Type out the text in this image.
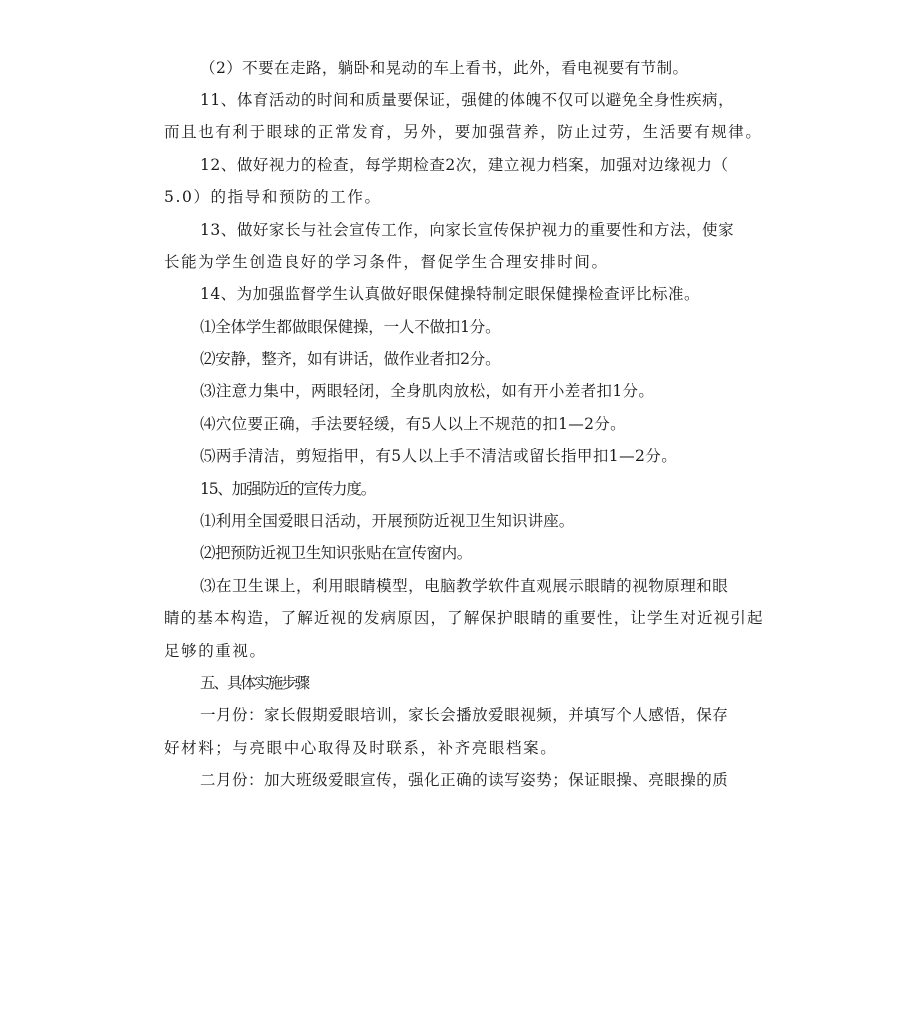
（2）不要在走路，躺卧和晃动的车上看书，此外，看电视要有节制。
11、体育活动的时间和质量要保证，强健的体魄不仅可以避免全身性疾病，
而且也有利于眼球的正常发育，另外，要加强营养，防止过劳，生活要有规律。
12、做好视力的检查，每学期检查2次，建立视力档案，加强对边缘视力（
5.0）的指导和预防的工作。
13、做好家长与社会宣传工作，向家长宣传保护视力的重要性和方法，使家
长能为学生创造良好的学习条件，督促学生合理安排时间。
14、为加强监督学生认真做好眼保健操特制定眼保健操检查评比标准。
⑴全体学生都做眼保健操，一人不做扣1分。
⑵安静，整齐，如有讲话，做作业者扣2分。
⑶注意力集中，两眼轻闭，全身肌肉放松，如有开小差者扣1分。
⑷穴位要正确，手法要轻缓，有5人以上不规范的扣1—2分。
⑸两手清洁，剪短指甲，有5人以上手不清洁或留长指甲扣1—2分。
15、加强防近的宣传力度。
⑴利用全国爱眼日活动，开展预防近视卫生知识讲座。
⑵把预防近视卫生知识张贴在宣传窗内。
⑶在卫生课上，利用眼睛模型，电脑教学软件直观展示眼睛的视物原理和眼
睛的基本构造，了解近视的发病原因，了解保护眼睛的重要性，让学生对近视引起
足够的重视。
五、具体实施步骤
一月份：家长假期爱眼培训，家长会播放爱眼视频，并填写个人感悟，保存
好材料；与亮眼中心取得及时联系，补齐亮眼档案。
二月份：加大班级爱眼宣传，强化正确的读写姿势；保证眼操、亮眼操的质
